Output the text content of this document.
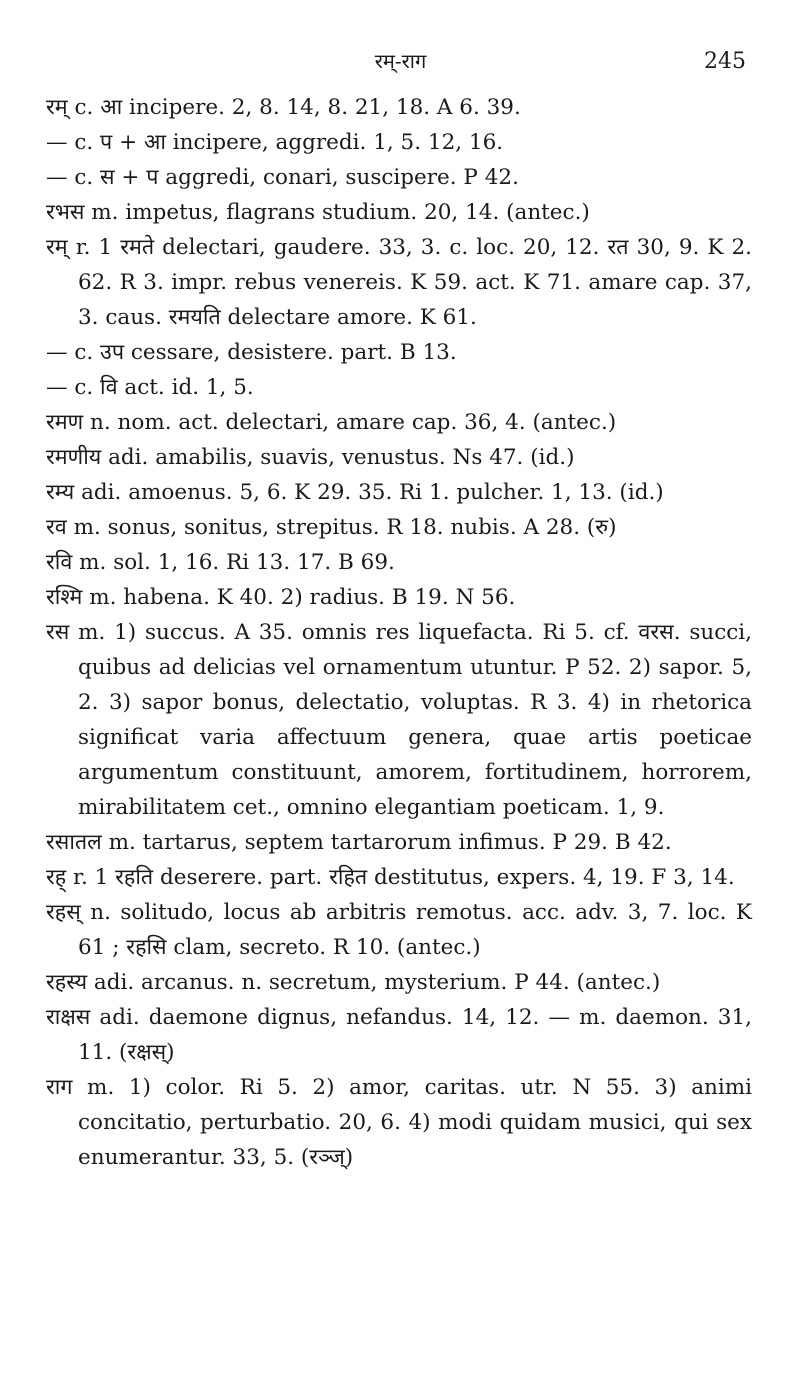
रम्-राग	245

रम् c. आ incipere. 2, 8. 14, 8. 21, 18. A 6. 39.

— c. प + आ incipere, aggredi. 1, 5. 12, 16.

— c. स + प aggredi, conari, suscipere. P 42.

रभस m. impetus, flagrans studium. 20, 14. (antec.)

रम् r. 1 रमते delectari, gaudere. 33, 3. c. loc. 20, 12. रत 30, 9. K 2. 62. R 3. impr. rebus venereis. K 59. act. K 71. amare cap. 37, 3. caus. रमयति delectare amore. K 61.

— c. उप cessare, desistere. part. B 13.

— c. वि act. id. 1, 5.

रमण n. nom. act. delectari, amare cap. 36, 4. (antec.)

रमणीय adi. amabilis, suavis, venustus. Ns 47. (id.)

रम्य adi. amoenus. 5, 6. K 29. 35. Ri 1. pulcher. 1, 13. (id.)

रव m. sonus, sonitus, strepitus. R 18. nubis. A 28. (रु)

रवि m. sol. 1, 16. Ri 13. 17. B 69.

रश्मि m. habena. K 40. 2) radius. B 19. N 56.

रस m. 1) succus. A 35. omnis res liquefacta. Ri 5. cf. वरस. succi, quibus ad delicias vel ornamentum utuntur. P 52. 2) sapor. 5, 2. 3) sapor bonus, delectatio, voluptas. R 3. 4) in rhetorica significat varia affectuum genera, quae artis poeticae argumentum constituunt, amorem, fortitudinem, horrorem, mirabilitatem cet., omnino elegantiam poeticam. 1, 9.

रसातल m. tartarus, septem tartarorum infimus. P 29. B 42.

रह् r. 1 रहति deserere. part. रहित destitutus, expers. 4, 19. F 3, 14.

रहस् n. solitudo, locus ab arbitris remotus. acc. adv. 3, 7. loc. K 61 ; रहसि clam, secreto. R 10. (antec.)

रहस्य adi. arcanus. n. secretum, mysterium. P 44. (antec.)

राक्षस adi. daemone dignus, nefandus. 14, 12. — m. daemon. 31, 11. (रक्षस्)

राग m. 1) color. Ri 5. 2) amor, caritas. utr. N 55. 3) animi concitatio, perturbatio. 20, 6. 4) modi quidam musici, qui sex enumerantur. 33, 5. (रञ्ज्)
